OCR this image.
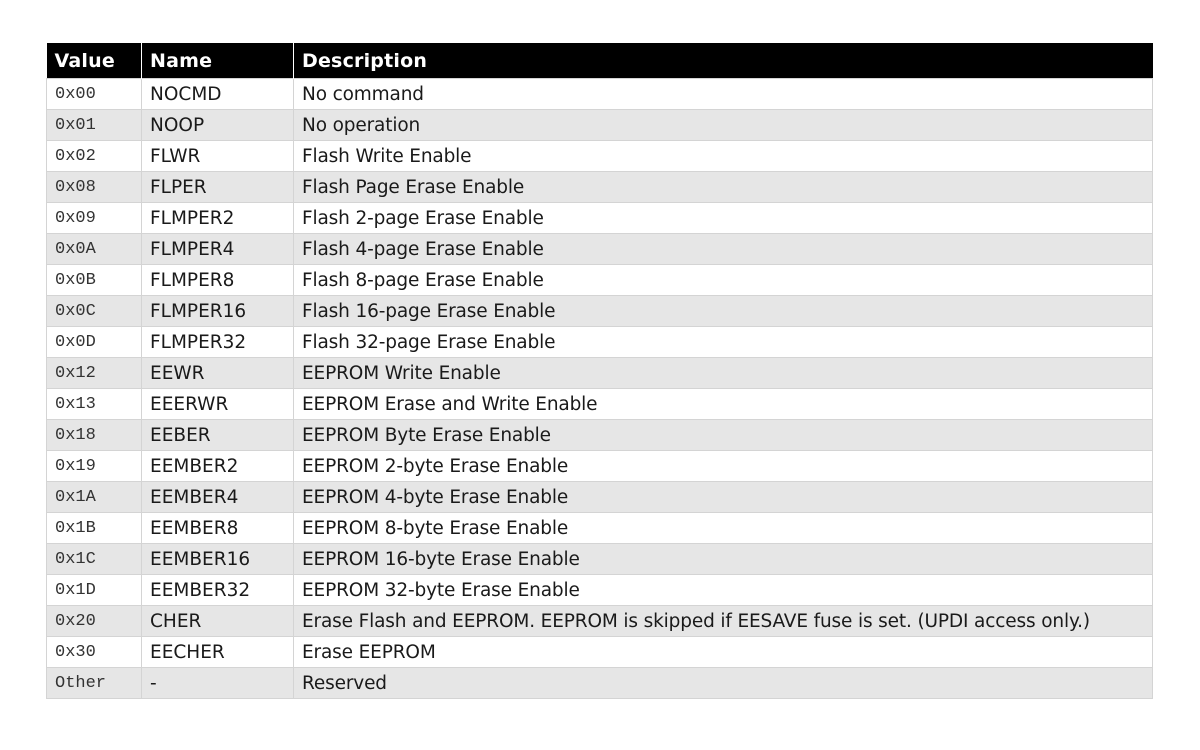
Value	Name	Description
0x00	NOCMD	No command
0x01	NOOP	No operation
0x02	FLWR	Flash Write Enable
0x08	FLPER	Flash Page Erase Enable
0x09	FLMPER2	Flash 2-page Erase Enable
0x0A	FLMPER4	Flash 4-page Erase Enable
0x0B	FLMPER8	Flash 8-page Erase Enable
0x0C	FLMPER16	Flash 16-page Erase Enable
0x0D	FLMPER32	Flash 32-page Erase Enable
0x12	EEWR	EEPROM Write Enable
0x13	EEERWR	EEPROM Erase and Write Enable
0x18	EEBER	EEPROM Byte Erase Enable
0x19	EEMBER2	EEPROM 2-byte Erase Enable
0x1A	EEMBER4	EEPROM 4-byte Erase Enable
0x1B	EEMBER8	EEPROM 8-byte Erase Enable
0x1C	EEMBER16	EEPROM 16-byte Erase Enable
0x1D	EEMBER32	EEPROM 32-byte Erase Enable
0x20	CHER	Erase Flash and EEPROM. EEPROM is skipped if EESAVE fuse is set. (UPDI access only.)
0x30	EECHER	Erase EEPROM
Other	-	Reserved
